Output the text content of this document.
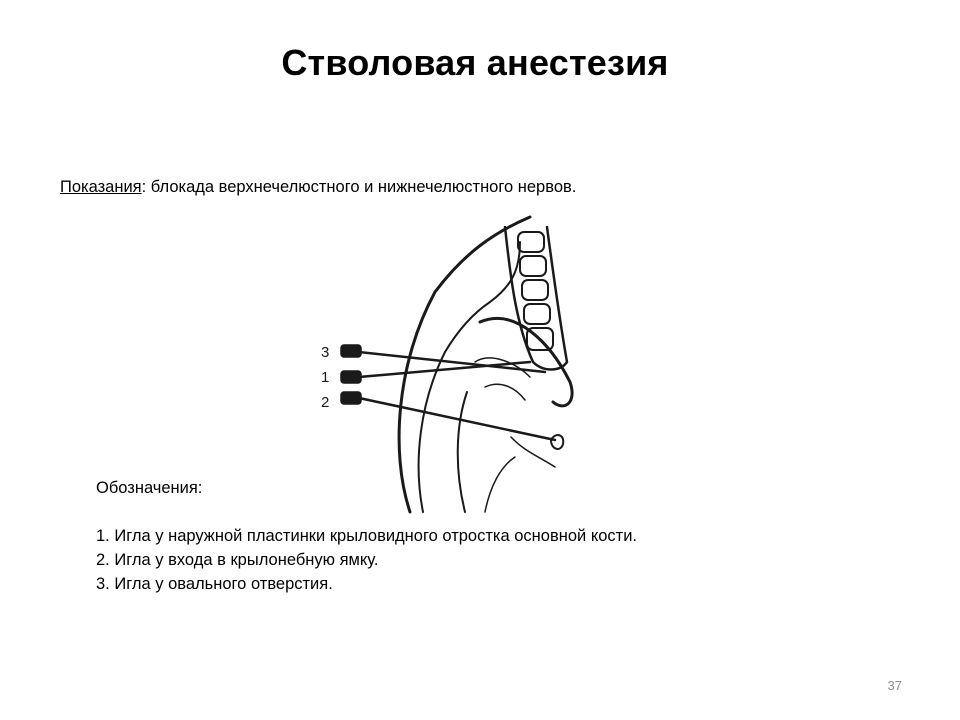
Стволовая анестезия
Показания: блокада верхнечелюстного и нижнечелюстного нервов.
3
1
2
Обозначения:
1. Игла у наружной пластинки крыловидного отростка основной кости.
2. Игла у входа в крылонебную ямку.
3. Игла у овального отверстия.
37
